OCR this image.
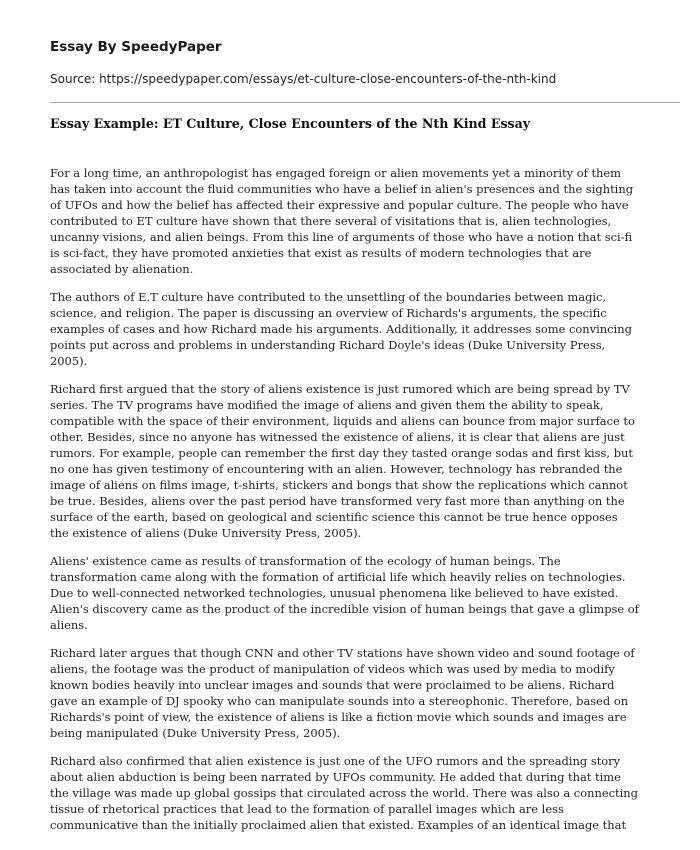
Essay By SpeedyPaper
Source: https://speedypaper.com/essays/et-culture-close-encounters-of-the-nth-kind
Essay Example: ET Culture, Close Encounters of the Nth Kind Essay

For a long time, an anthropologist has engaged foreign or alien movements yet a minority of them
has taken into account the fluid communities who have a belief in alien's presences and the sighting
of UFOs and how the belief has affected their expressive and popular culture. The people who have
contributed to ET culture have shown that there several of visitations that is, alien technologies,
uncanny visions, and alien beings. From this line of arguments of those who have a notion that sci-fi
is sci-fact, they have promoted anxieties that exist as results of modern technologies that are
associated by alienation.

The authors of E.T culture have contributed to the unsettling of the boundaries between magic,
science, and religion. The paper is discussing an overview of Richards's arguments, the specific
examples of cases and how Richard made his arguments. Additionally, it addresses some convincing
points put across and problems in understanding Richard Doyle's ideas (Duke University Press,
2005).

Richard first argued that the story of aliens existence is just rumored which are being spread by TV
series. The TV programs have modified the image of aliens and given them the ability to speak,
compatible with the space of their environment, liquids and aliens can bounce from major surface to
other. Besides, since no anyone has witnessed the existence of aliens, it is clear that aliens are just
rumors. For example, people can remember the first day they tasted orange sodas and first kiss, but
no one has given testimony of encountering with an alien. However, technology has rebranded the
image of aliens on films image, t-shirts, stickers and bongs that show the replications which cannot
be true. Besides, aliens over the past period have transformed very fast more than anything on the
surface of the earth, based on geological and scientific science this cannot be true hence opposes
the existence of aliens (Duke University Press, 2005).

Aliens' existence came as results of transformation of the ecology of human beings. The
transformation came along with the formation of artificial life which heavily relies on technologies.
Due to well-connected networked technologies, unusual phenomena like believed to have existed.
Alien's discovery came as the product of the incredible vision of human beings that gave a glimpse of
aliens.

Richard later argues that though CNN and other TV stations have shown video and sound footage of
aliens, the footage was the product of manipulation of videos which was used by media to modify
known bodies heavily into unclear images and sounds that were proclaimed to be aliens. Richard
gave an example of DJ spooky who can manipulate sounds into a stereophonic. Therefore, based on
Richards's point of view, the existence of aliens is like a fiction movie which sounds and images are
being manipulated (Duke University Press, 2005).

Richard also confirmed that alien existence is just one of the UFO rumors and the spreading story
about alien abduction is being been narrated by UFOs community. He added that during that time
the village was made up global gossips that circulated across the world. There was also a connecting
tissue of rhetorical practices that lead to the formation of parallel images which are less
communicative than the initially proclaimed alien that existed. Examples of an identical image that
